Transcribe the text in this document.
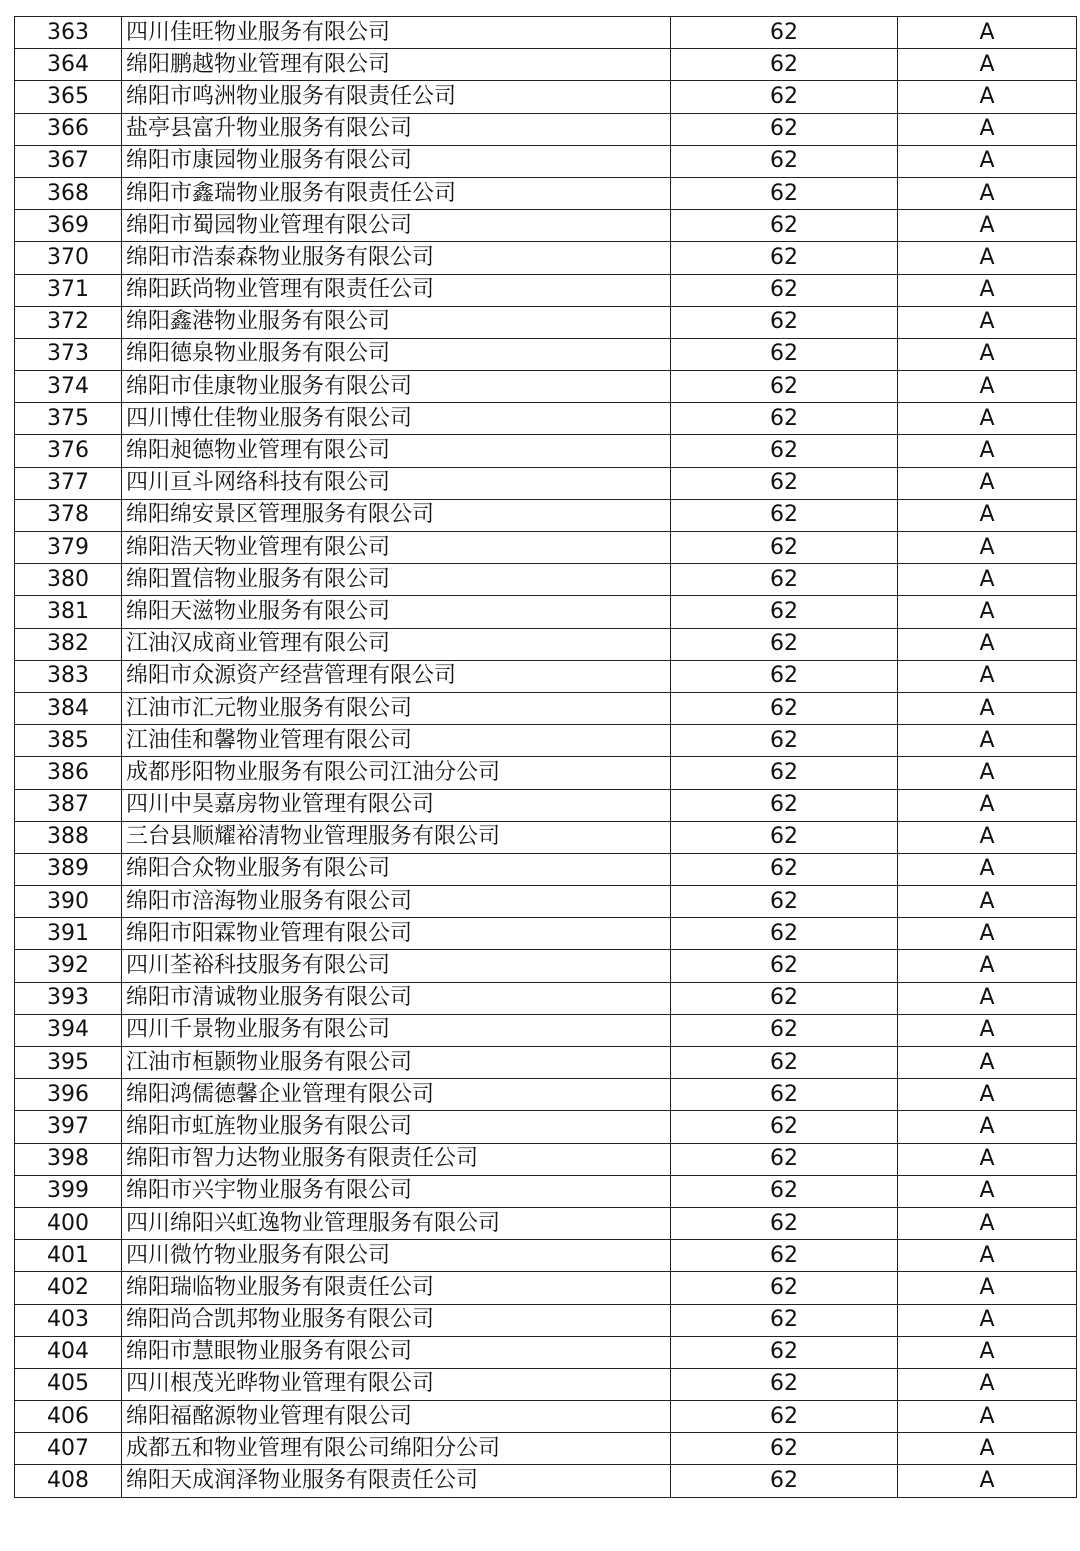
363	四川佳旺物业服务有限公司	62	A
364	绵阳鹏越物业管理有限公司	62	A
365	绵阳市鸣洲物业服务有限责任公司	62	A
366	盐亭县富升物业服务有限公司	62	A
367	绵阳市康园物业服务有限公司	62	A
368	绵阳市鑫瑞物业服务有限责任公司	62	A
369	绵阳市蜀园物业管理有限公司	62	A
370	绵阳市浩泰森物业服务有限公司	62	A
371	绵阳跃尚物业管理有限责任公司	62	A
372	绵阳鑫港物业服务有限公司	62	A
373	绵阳德泉物业服务有限公司	62	A
374	绵阳市佳康物业服务有限公司	62	A
375	四川博仕佳物业服务有限公司	62	A
376	绵阳昶德物业管理有限公司	62	A
377	四川亘斗网络科技有限公司	62	A
378	绵阳绵安景区管理服务有限公司	62	A
379	绵阳浩天物业管理有限公司	62	A
380	绵阳置信物业服务有限公司	62	A
381	绵阳天滋物业服务有限公司	62	A
382	江油汉成商业管理有限公司	62	A
383	绵阳市众源资产经营管理有限公司	62	A
384	江油市汇元物业服务有限公司	62	A
385	江油佳和馨物业管理有限公司	62	A
386	成都彤阳物业服务有限公司江油分公司	62	A
387	四川中昊嘉房物业管理有限公司	62	A
388	三台县顺耀裕清物业管理服务有限公司	62	A
389	绵阳合众物业服务有限公司	62	A
390	绵阳市涪海物业服务有限公司	62	A
391	绵阳市阳霖物业管理有限公司	62	A
392	四川荃裕科技服务有限公司	62	A
393	绵阳市清诚物业服务有限公司	62	A
394	四川千景物业服务有限公司	62	A
395	江油市桓颢物业服务有限公司	62	A
396	绵阳鸿儒德馨企业管理有限公司	62	A
397	绵阳市虹旌物业服务有限公司	62	A
398	绵阳市智力达物业服务有限责任公司	62	A
399	绵阳市兴宇物业服务有限公司	62	A
400	四川绵阳兴虹逸物业管理服务有限公司	62	A
401	四川微竹物业服务有限公司	62	A
402	绵阳瑞临物业服务有限责任公司	62	A
403	绵阳尚合凯邦物业服务有限公司	62	A
404	绵阳市慧眼物业服务有限公司	62	A
405	四川根茂光晔物业管理有限公司	62	A
406	绵阳福酩源物业管理有限公司	62	A
407	成都五和物业管理有限公司绵阳分公司	62	A
408	绵阳天成润泽物业服务有限责任公司	62	A
